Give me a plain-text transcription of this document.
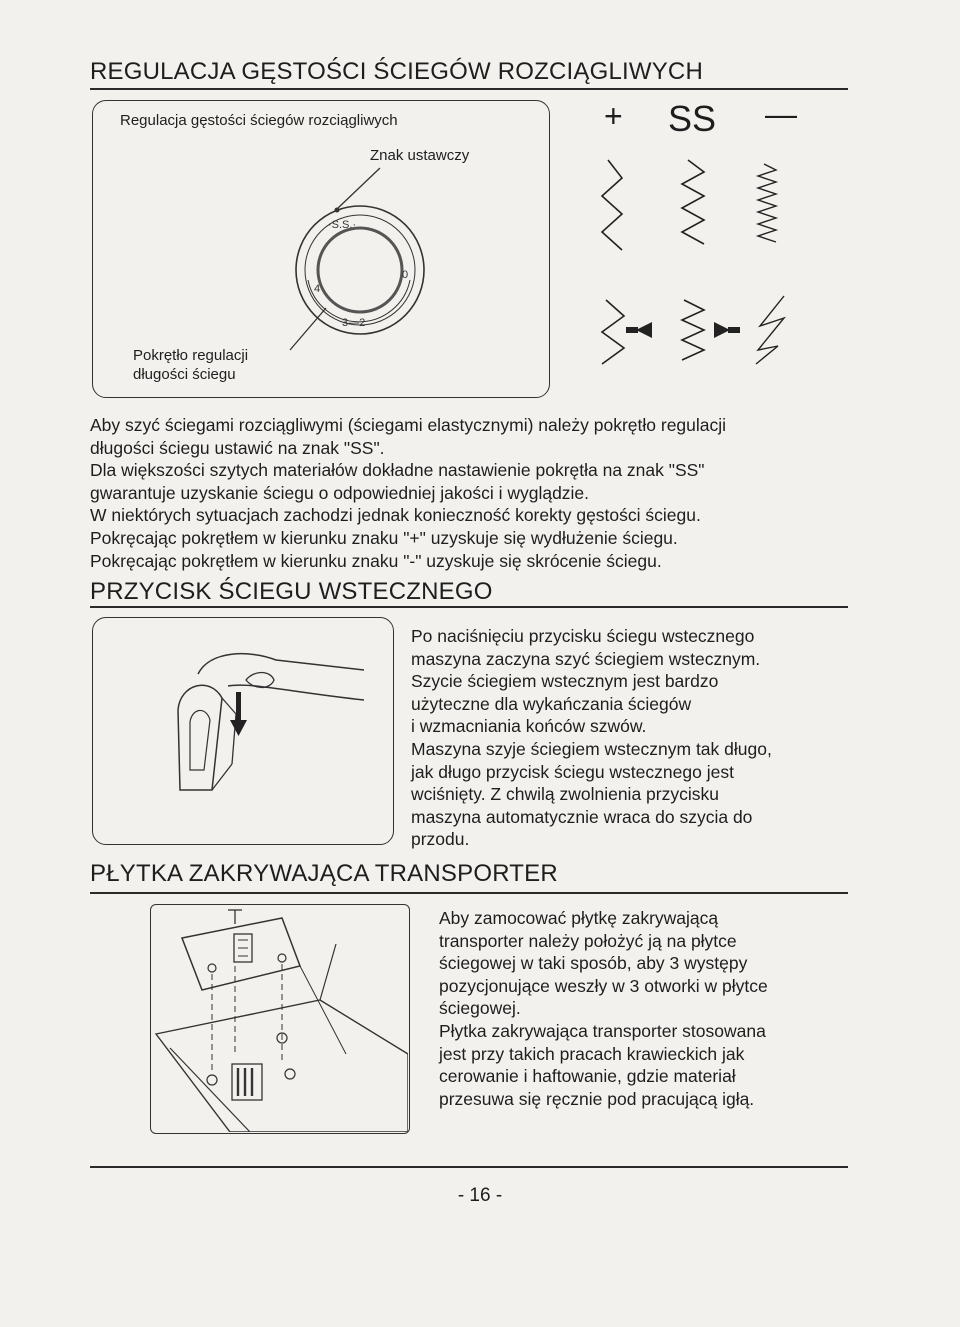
REGULACJA GĘSTOŚCI ŚCIEGÓW ROZCIĄGLIWYCH
Regulacja gęstości ściegów rozciągliwych
Znak ustawczy
·S.S.·
4
0
3—2
Pokrętło regulacji
długości ściegu
+ SS —

Aby szyć ściegami rozciągliwymi (ściegami elastycznymi) należy pokrętło regulacji

długości ściegu ustawić na znak "SS".

Dla większości szytych materiałów dokładne nastawienie pokrętła na znak "SS"

gwarantuje uzyskanie ściegu o odpowiedniej jakości i wyglądzie.

W niektórych sytuacjach zachodzi jednak konieczność korekty gęstości ściegu.

Pokręcając pokrętłem w kierunku znaku "+" uzyskuje się wydłużenie ściegu.

Pokręcając pokrętłem w kierunku znaku "-" uzyskuje się skrócenie ściegu.

PRZYCISK ŚCIEGU WSTECZNEGO

Po naciśnięciu przycisku ściegu wstecznego

maszyna zaczyna szyć ściegiem wstecznym.

Szycie ściegiem wstecznym jest bardzo

użyteczne dla wykańczania ściegów

i wzmacniania końców szwów.

Maszyna szyje ściegiem wstecznym tak długo,

jak długo przycisk ściegu wstecznego jest

wciśnięty. Z chwilą zwolnienia przycisku

maszyna automatycznie wraca do szycia do

przodu.

PŁYTKA ZAKRYWAJĄCA TRANSPORTER

Aby zamocować płytkę zakrywającą

transporter należy położyć ją na płytce

ściegowej w taki sposób, aby 3 występy

pozycjonujące weszły w 3 otworki w płytce

ściegowej.

Płytka zakrywająca transporter stosowana

jest przy takich pracach krawieckich jak

cerowanie i haftowanie, gdzie materiał

przesuwa się ręcznie pod pracującą igłą.

- 16 -
